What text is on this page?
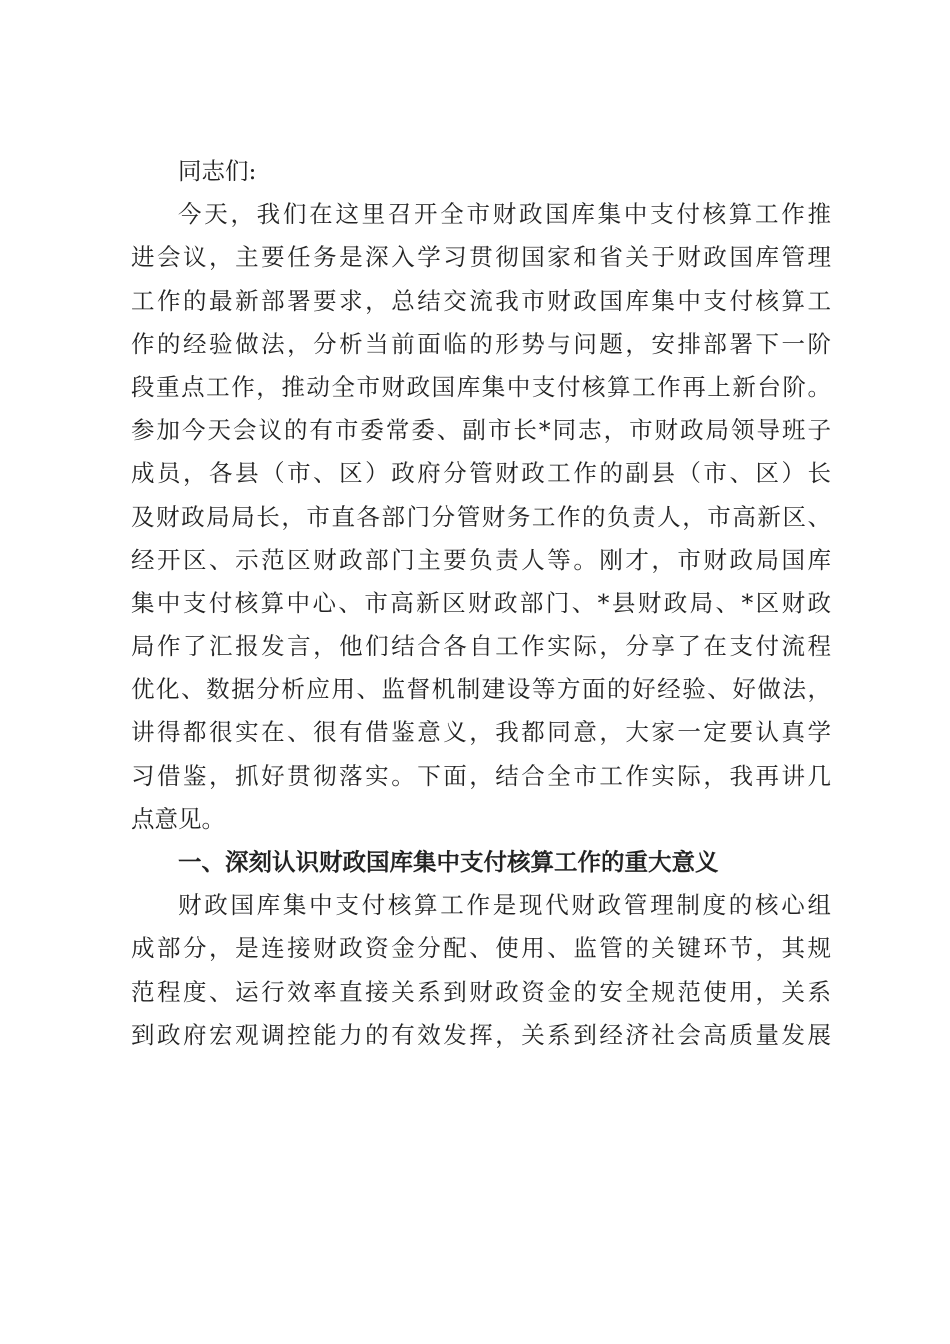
同志们:
今天，我们在这里召开全市财政国库集中支付核算工作推
进会议，主要任务是深入学习贯彻国家和省关于财政国库管理
工作的最新部署要求，总结交流我市财政国库集中支付核算工
作的经验做法，分析当前面临的形势与问题，安排部署下一阶
段重点工作，推动全市财政国库集中支付核算工作再上新台阶。
参加今天会议的有市委常委、副市长*同志，市财政局领导班子
成员，各县（市、区）政府分管财政工作的副县（市、区）长
及财政局局长，市直各部门分管财务工作的负责人，市高新区、
经开区、示范区财政部门主要负责人等。刚才，市财政局国库
集中支付核算中心、市高新区财政部门、*县财政局、*区财政
局作了汇报发言，他们结合各自工作实际，分享了在支付流程
优化、数据分析应用、监督机制建设等方面的好经验、好做法，
讲得都很实在、很有借鉴意义，我都同意，大家一定要认真学
习借鉴，抓好贯彻落实。下面，结合全市工作实际，我再讲几
点意见。
一、深刻认识财政国库集中支付核算工作的重大意义
财政国库集中支付核算工作是现代财政管理制度的核心组
成部分，是连接财政资金分配、使用、监管的关键环节，其规
范程度、运行效率直接关系到财政资金的安全规范使用，关系
到政府宏观调控能力的有效发挥，关系到经济社会高质量发展
